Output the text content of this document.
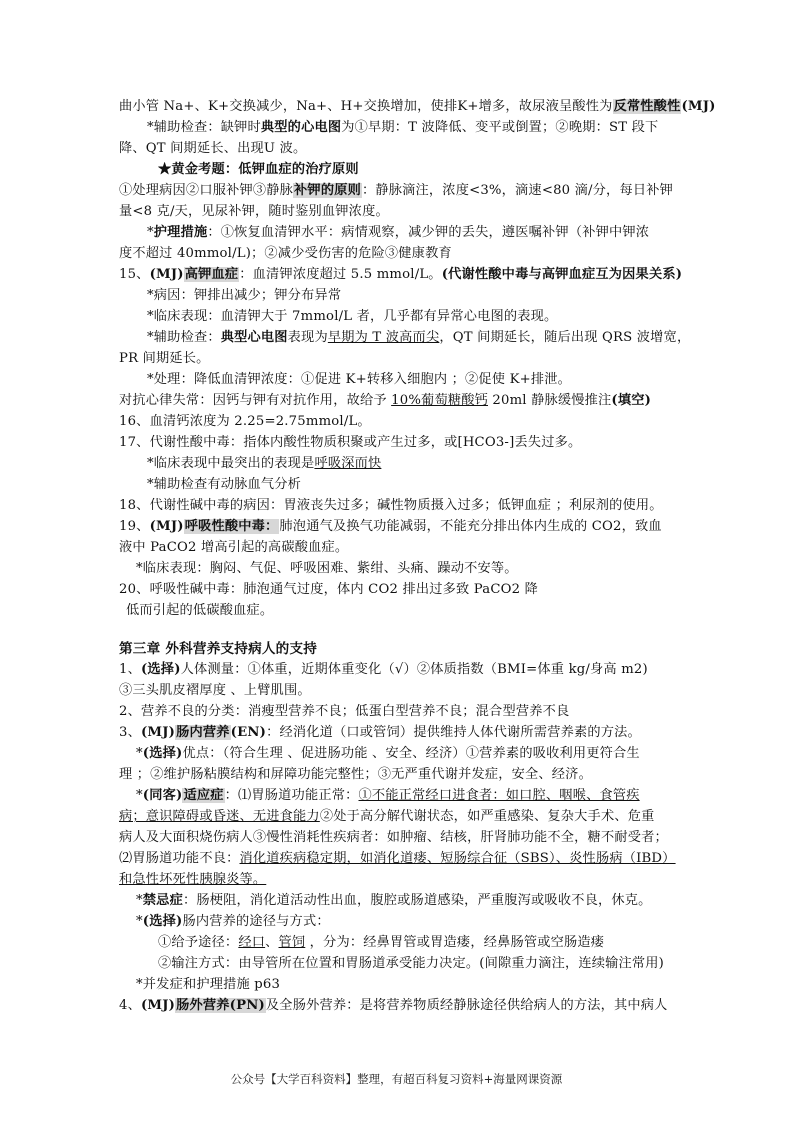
曲小管 Na+、K+交换减少，Na+、H+交换增加，使排K+增多，故尿液呈酸性为反常性酸性(MJ)
*辅助检查：缺钾时典型的心电图为①早期：T 波降低、变平或倒置；②晚期：ST 段下
降、QT 间期延长、出现U 波。
★黄金考题：低钾血症的治疗原则
①处理病因②口服补钾③静脉补钾的原则：静脉滴注，浓度<3%，滴速<80 滴/分，每日补钾
量<8 克/天，见尿补钾，随时鉴别血钾浓度。
*护理措施：①恢复血清钾水平：病情观察，减少钾的丢失，遵医嘱补钾（补钾中钾浓
度不超过 40mmol/L)；②减少受伤害的危险③健康教育
15、(MJ)高钾血症：血清钾浓度超过 5.5 mmol/L。(代谢性酸中毒与高钾血症互为因果关系)
*病因：钾排出减少；钾分布异常
*临床表现：血清钾大于 7mmol/L 者，几乎都有异常心电图的表现。
*辅助检查：典型心电图表现为早期为 T 波高而尖，QT 间期延长，随后出现 QRS 波增宽，
PR 间期延长。
*处理：降低血清钾浓度：①促进 K+转移入细胞内 ；②促使 K+排泄。
对抗心律失常：因钙与钾有对抗作用，故给予 10%葡萄糖酸钙 20ml 静脉缓慢推注(填空)
16、血清钙浓度为 2.25=2.75mmol/L。
17、代谢性酸中毒：指体内酸性物质积聚或产生过多，或[HCO3-]丢失过多。
*临床表现中最突出的表现是呼吸深而快
*辅助检查有动脉血气分析
18、代谢性碱中毒的病因：胃液丧失过多；碱性物质摄入过多；低钾血症 ；利尿剂的使用。
19、(MJ)呼吸性酸中毒：肺泡通气及换气功能减弱，不能充分排出体内生成的 CO2，致血
液中 PaCO2 增高引起的高碳酸血症。
*临床表现：胸闷、气促、呼吸困难、紫绀、头痛、躁动不安等。
20、呼吸性碱中毒：肺泡通气过度，体内 CO2 排出过多致 PaCO2 降
低而引起的低碳酸血症。
第三章 外科营养支持病人的支持
1、(选择)人体测量：①体重，近期体重变化（√）②体质指数（BMI=体重 kg/身高 m2)
③三头肌皮褶厚度 、上臂肌围。
2、营养不良的分类：消瘦型营养不良；低蛋白型营养不良；混合型营养不良
3、(MJ)肠内营养(EN)：经消化道（口或管饲）提供维持人体代谢所需营养素的方法。
*(选择)优点：（符合生理 、促进肠功能 、安全、经济）①营养素的吸收利用更符合生
理 ；②维护肠粘膜结构和屏障功能完整性；③无严重代谢并发症，安全、经济。
*(同客)适应症：⑴胃肠道功能正常：①不能正常经口进食者：如口腔、咽喉、食管疾
病；意识障碍或昏迷、无进食能力②处于高分解代谢状态，如严重感染、复杂大手术、危重
病人及大面积烧伤病人③慢性消耗性疾病者：如肿瘤、结核，肝肾肺功能不全，糖不耐受者；
⑵胃肠道功能不良：消化道疾病稳定期，如消化道瘘、短肠综合征（SBS）、炎性肠病（IBD）
和急性坏死性胰腺炎等。
*禁忌症：肠梗阻，消化道活动性出血，腹腔或肠道感染，严重腹泻或吸收不良，休克。
*(选择)肠内营养的途径与方式：
①给予途径：经口、管饲 ，分为：经鼻胃管或胃造瘘，经鼻肠管或空肠造瘘
②输注方式：由导管所在位置和胃肠道承受能力决定。(间隙重力滴注，连续输注常用)
*并发症和护理措施 p63
4、(MJ)肠外营养(PN)及全肠外营养：是将营养物质经静脉途径供给病人的方法，其中病人
公众号【大学百科资料】整理，有超百科复习资料+海量网课资源
